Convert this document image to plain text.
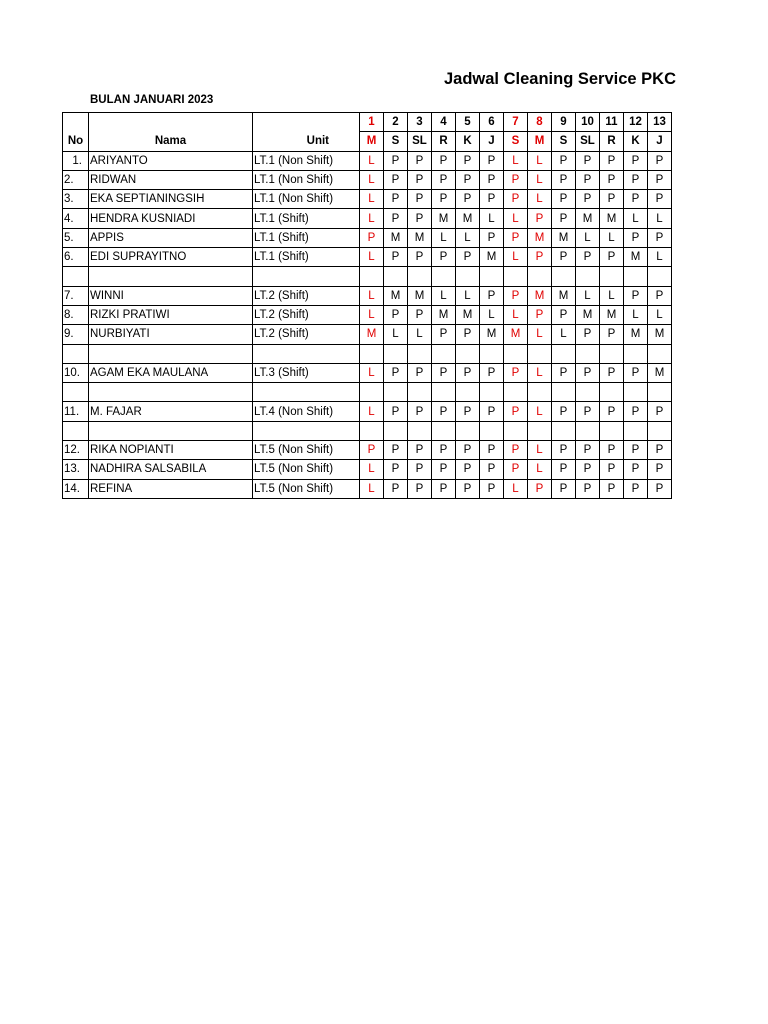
Jadwal Cleaning Service PKC
BULAN JANUARI 2023
			1	2	3	4	5	6	7	8	9	10	11	12	13
No	Nama	Unit	M	S	SL	R	K	J	S	M	S	SL	R	K	J
1.	ARIYANTO	LT.1 (Non Shift)	L	P	P	P	P	P	L	L	P	P	P	P	P
2.	RIDWAN	LT.1 (Non Shift)	L	P	P	P	P	P	P	L	P	P	P	P	P
3.	EKA SEPTIANINGSIH	LT.1 (Non Shift)	L	P	P	P	P	P	P	L	P	P	P	P	P
4.	HENDRA KUSNIADI	LT.1 (Shift)	L	P	P	M	M	L	L	P	P	M	M	L	L
5.	APPIS	LT.1 (Shift)	P	M	M	L	L	P	P	M	M	L	L	P	P
6.	EDI SUPRAYITNO	LT.1 (Shift)	L	P	P	P	P	M	L	P	P	P	P	M	L

7.	WINNI	LT.2 (Shift)	L	M	M	L	L	P	P	M	M	L	L	P	P
8.	RIZKI PRATIWI	LT.2 (Shift)	L	P	P	M	M	L	L	P	P	M	M	L	L
9.	NURBIYATI	LT.2 (Shift)	M	L	L	P	P	M	M	L	L	P	P	M	M

10.	AGAM EKA MAULANA	LT.3 (Shift)	L	P	P	P	P	P	P	L	P	P	P	P	M

11.	M. FAJAR	LT.4 (Non Shift)	L	P	P	P	P	P	P	L	P	P	P	P	P

12.	RIKA NOPIANTI	LT.5 (Non Shift)	P	P	P	P	P	P	P	L	P	P	P	P	P
13.	NADHIRA SALSABILA	LT.5 (Non Shift)	L	P	P	P	P	P	P	L	P	P	P	P	P
14.	REFINA	LT.5 (Non Shift)	L	P	P	P	P	P	L	P	P	P	P	P	P
